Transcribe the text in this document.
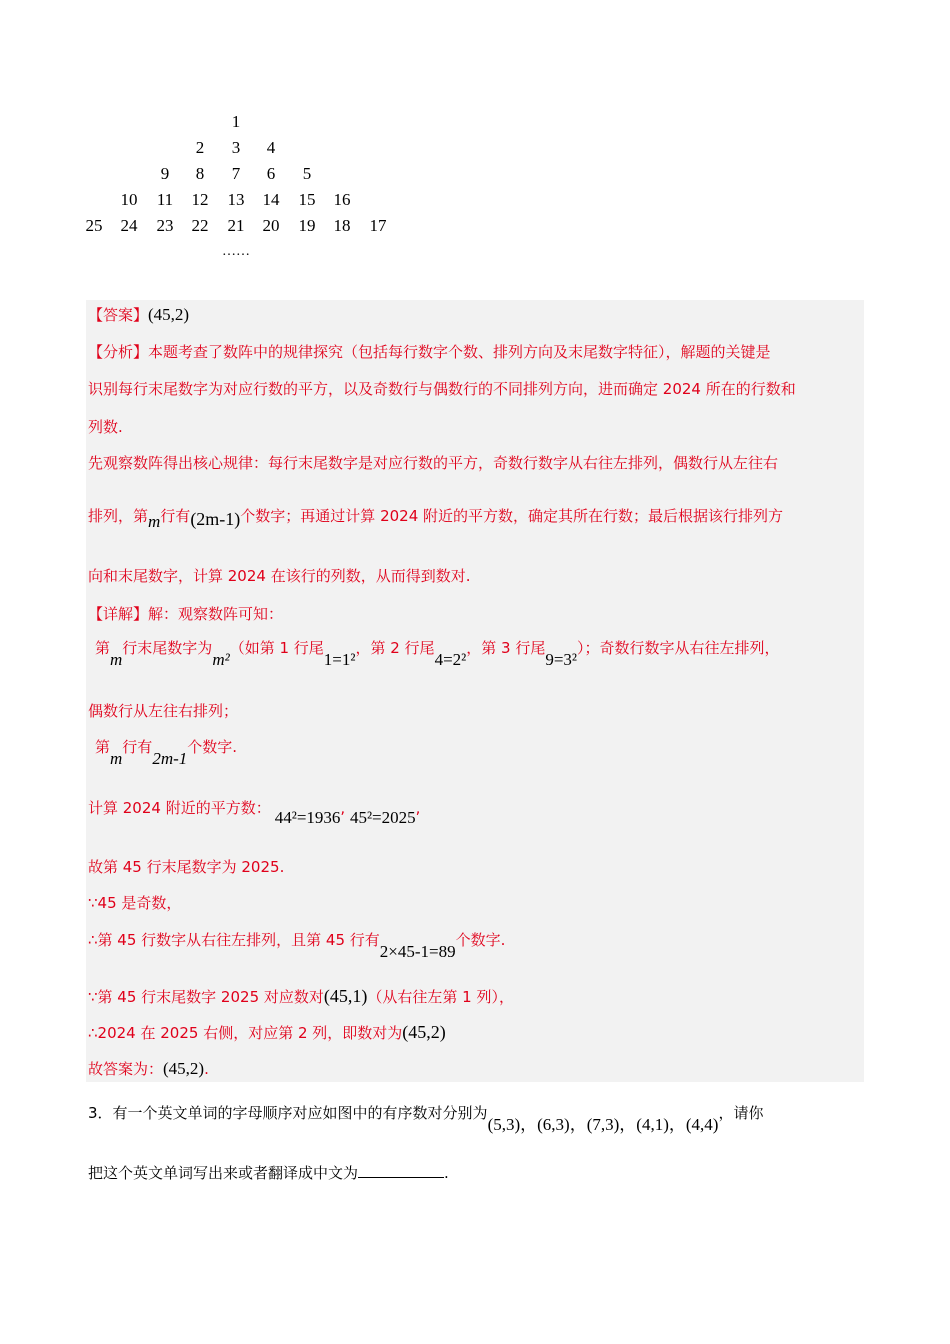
1
2 3 4
9 8 7 6 5
10 11 12 13 14 15 16
25 24 23 22 21 20 19 18 17
……
【答案】(45,2)
【分析】本题考查了数阵中的规律探究（包括每行数字个数、排列方向及末尾数字特征），解题的关键是
识别每行末尾数字为对应行数的平方，以及奇数行与偶数行的不同排列方向，进而确定 2024 所在的行数和
列数.
先观察数阵得出核心规律：每行末尾数字是对应行数的平方，奇数行数字从右往左排列，偶数行从左往右
排列，第m行有(2m-1)个数字；再通过计算 2024 附近的平方数，确定其所在行数；最后根据该行排列方
向和末尾数字，计算 2024 在该行的列数，从而得到数对.
【详解】解：观察数阵可知：
第m行末尾数字为m²（如第 1 行尾1=1²，第 2 行尾4=2²，第 3 行尾9=3²）；奇数行数字从右往左排列，
偶数行从左往右排列；
第m行有2m-1个数字.
计算 2024 附近的平方数： 44²=1936, 45²=2025,
故第 45 行末尾数字为 2025.
∵45 是奇数，
∴第 45 行数字从右往左排列，且第 45 行有2×45-1=89个数字.
∵第 45 行末尾数字 2025 对应数对(45,1)（从右往左第 1 列），
∴2024 在 2025 右侧，对应第 2 列，即数对为(45,2)
故答案为：(45,2).
3．有一个英文单词的字母顺序对应如图中的有序数对分别为(5,3)，(6,3)，(7,3)，(4,1)，(4,4)，请你
把这个英文单词写出来或者翻译成中文为	.
